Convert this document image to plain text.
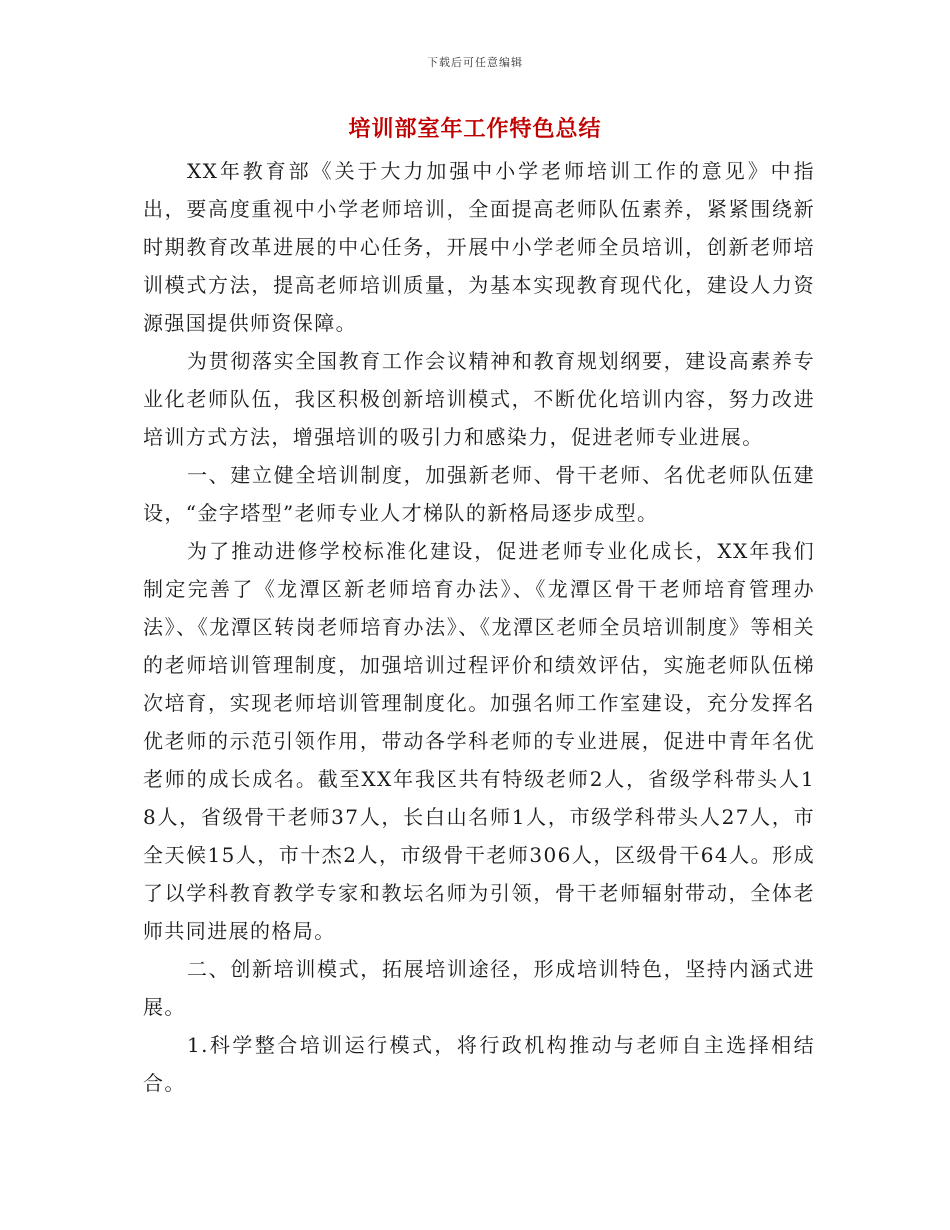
下载后可任意编辑
培训部室年工作特色总结

XX年教育部《关于大力加强中小学老师培训工作的意见》中指出，要高度重视中小学老师培训，全面提高老师队伍素养，紧紧围绕新时期教育改革进展的中心任务，开展中小学老师全员培训，创新老师培训模式方法，提高老师培训质量，为基本实现教育现代化，建设人力资源强国提供师资保障。

为贯彻落实全国教育工作会议精神和教育规划纲要，建设高素养专业化老师队伍，我区积极创新培训模式，不断优化培训内容，努力改进培训方式方法，增强培训的吸引力和感染力，促进老师专业进展。

一、建立健全培训制度，加强新老师、骨干老师、名优老师队伍建设，“金字塔型”老师专业人才梯队的新格局逐步成型。

为了推动进修学校标准化建设，促进老师专业化成长，XX年我们制定完善了《龙潭区新老师培育办法》、《龙潭区骨干老师培育管理办法》、《龙潭区转岗老师培育办法》、《龙潭区老师全员培训制度》等相关的老师培训管理制度，加强培训过程评价和绩效评估，实施老师队伍梯次培育，实现老师培训管理制度化。加强名师工作室建设，充分发挥名优老师的示范引领作用，带动各学科老师的专业进展，促进中青年名优老师的成长成名。截至XX年我区共有特级老师2人，省级学科带头人18人，省级骨干老师37人，长白山名师1人，市级学科带头人27人，市全天候15人，市十杰2人，市级骨干老师306人，区级骨干64人。形成了以学科教育教学专家和教坛名师为引领，骨干老师辐射带动，全体老师共同进展的格局。

二、创新培训模式，拓展培训途径，形成培训特色，坚持内涵式进展。

1.科学整合培训运行模式，将行政机构推动与老师自主选择相结合。
